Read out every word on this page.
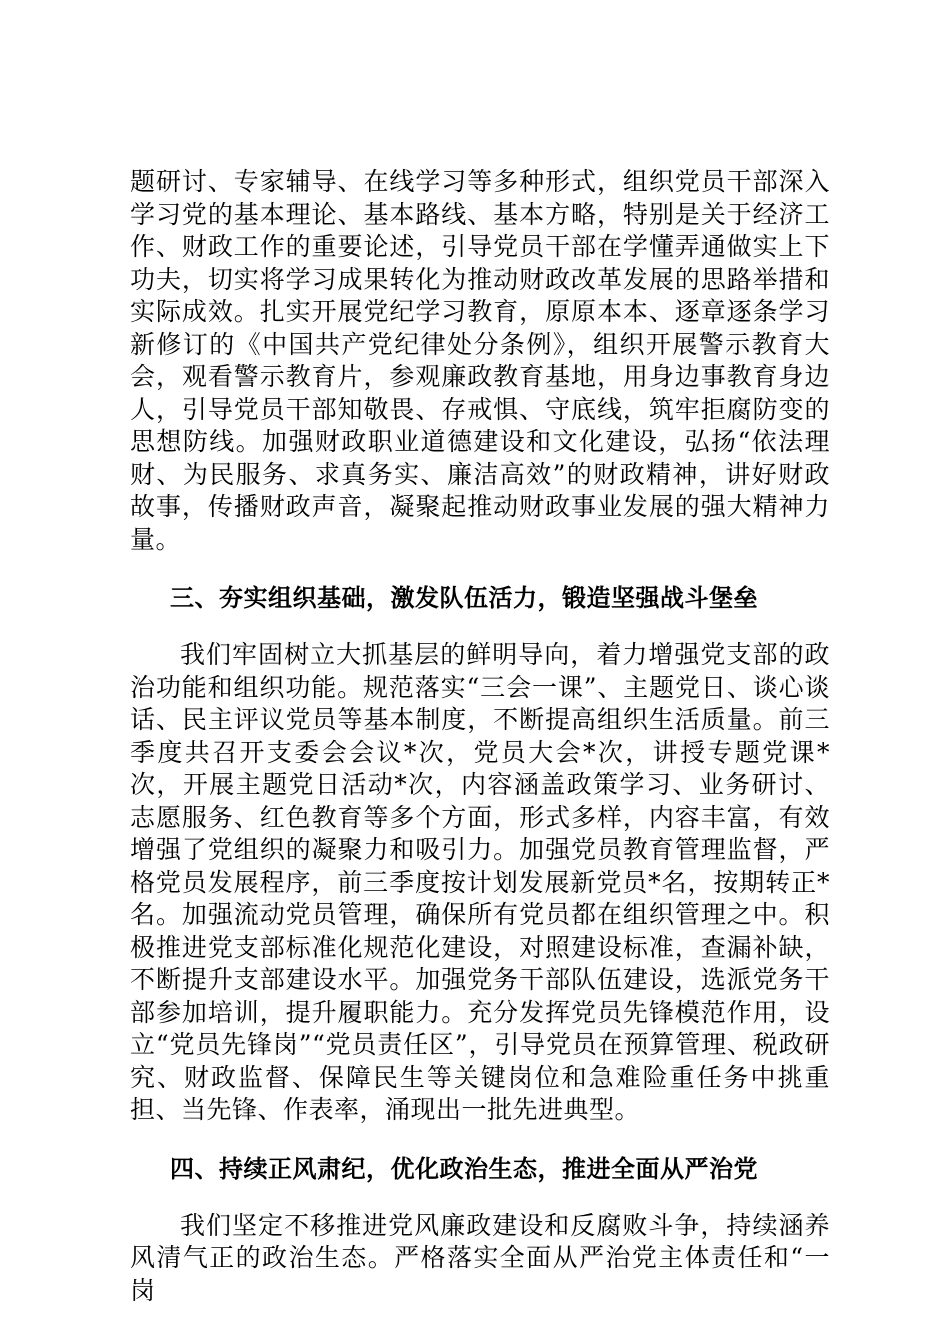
题研讨、专家辅导、在线学习等多种形式，组织党员干部深入学习党的基本理论、基本路线、基本方略，特别是关于经济工作、财政工作的重要论述，引导党员干部在学懂弄通做实上下功夫，切实将学习成果转化为推动财政改革发展的思路举措和实际成效。扎实开展党纪学习教育，原原本本、逐章逐条学习新修订的《中国共产党纪律处分条例》，组织开展警示教育大会，观看警示教育片，参观廉政教育基地，用身边事教育身边人，引导党员干部知敬畏、存戒惧、守底线，筑牢拒腐防变的思想防线。加强财政职业道德建设和文化建设，弘扬“依法理财、为民服务、求真务实、廉洁高效”的财政精神，讲好财政故事，传播财政声音，凝聚起推动财政事业发展的强大精神力量。

三、夯实组织基础，激发队伍活力，锻造坚强战斗堡垒

我们牢固树立大抓基层的鲜明导向，着力增强党支部的政治功能和组织功能。规范落实“三会一课”、主题党日、谈心谈话、民主评议党员等基本制度，不断提高组织生活质量。前三季度共召开支委会会议*次，党员大会*次，讲授专题党课*次，开展主题党日活动*次，内容涵盖政策学习、业务研讨、志愿服务、红色教育等多个方面，形式多样，内容丰富，有效增强了党组织的凝聚力和吸引力。加强党员教育管理监督，严格党员发展程序，前三季度按计划发展新党员*名，按期转正*名。加强流动党员管理，确保所有党员都在组织管理之中。积极推进党支部标准化规范化建设，对照建设标准，查漏补缺，不断提升支部建设水平。加强党务干部队伍建设，选派党务干部参加培训，提升履职能力。充分发挥党员先锋模范作用，设立“党员先锋岗”“党员责任区”，引导党员在预算管理、税政研究、财政监督、保障民生等关键岗位和急难险重任务中挑重担、当先锋、作表率，涌现出一批先进典型。

四、持续正风肃纪，优化政治生态，推进全面从严治党

我们坚定不移推进党风廉政建设和反腐败斗争，持续涵养风清气正的政治生态。严格落实全面从严治党主体责任和“一岗
